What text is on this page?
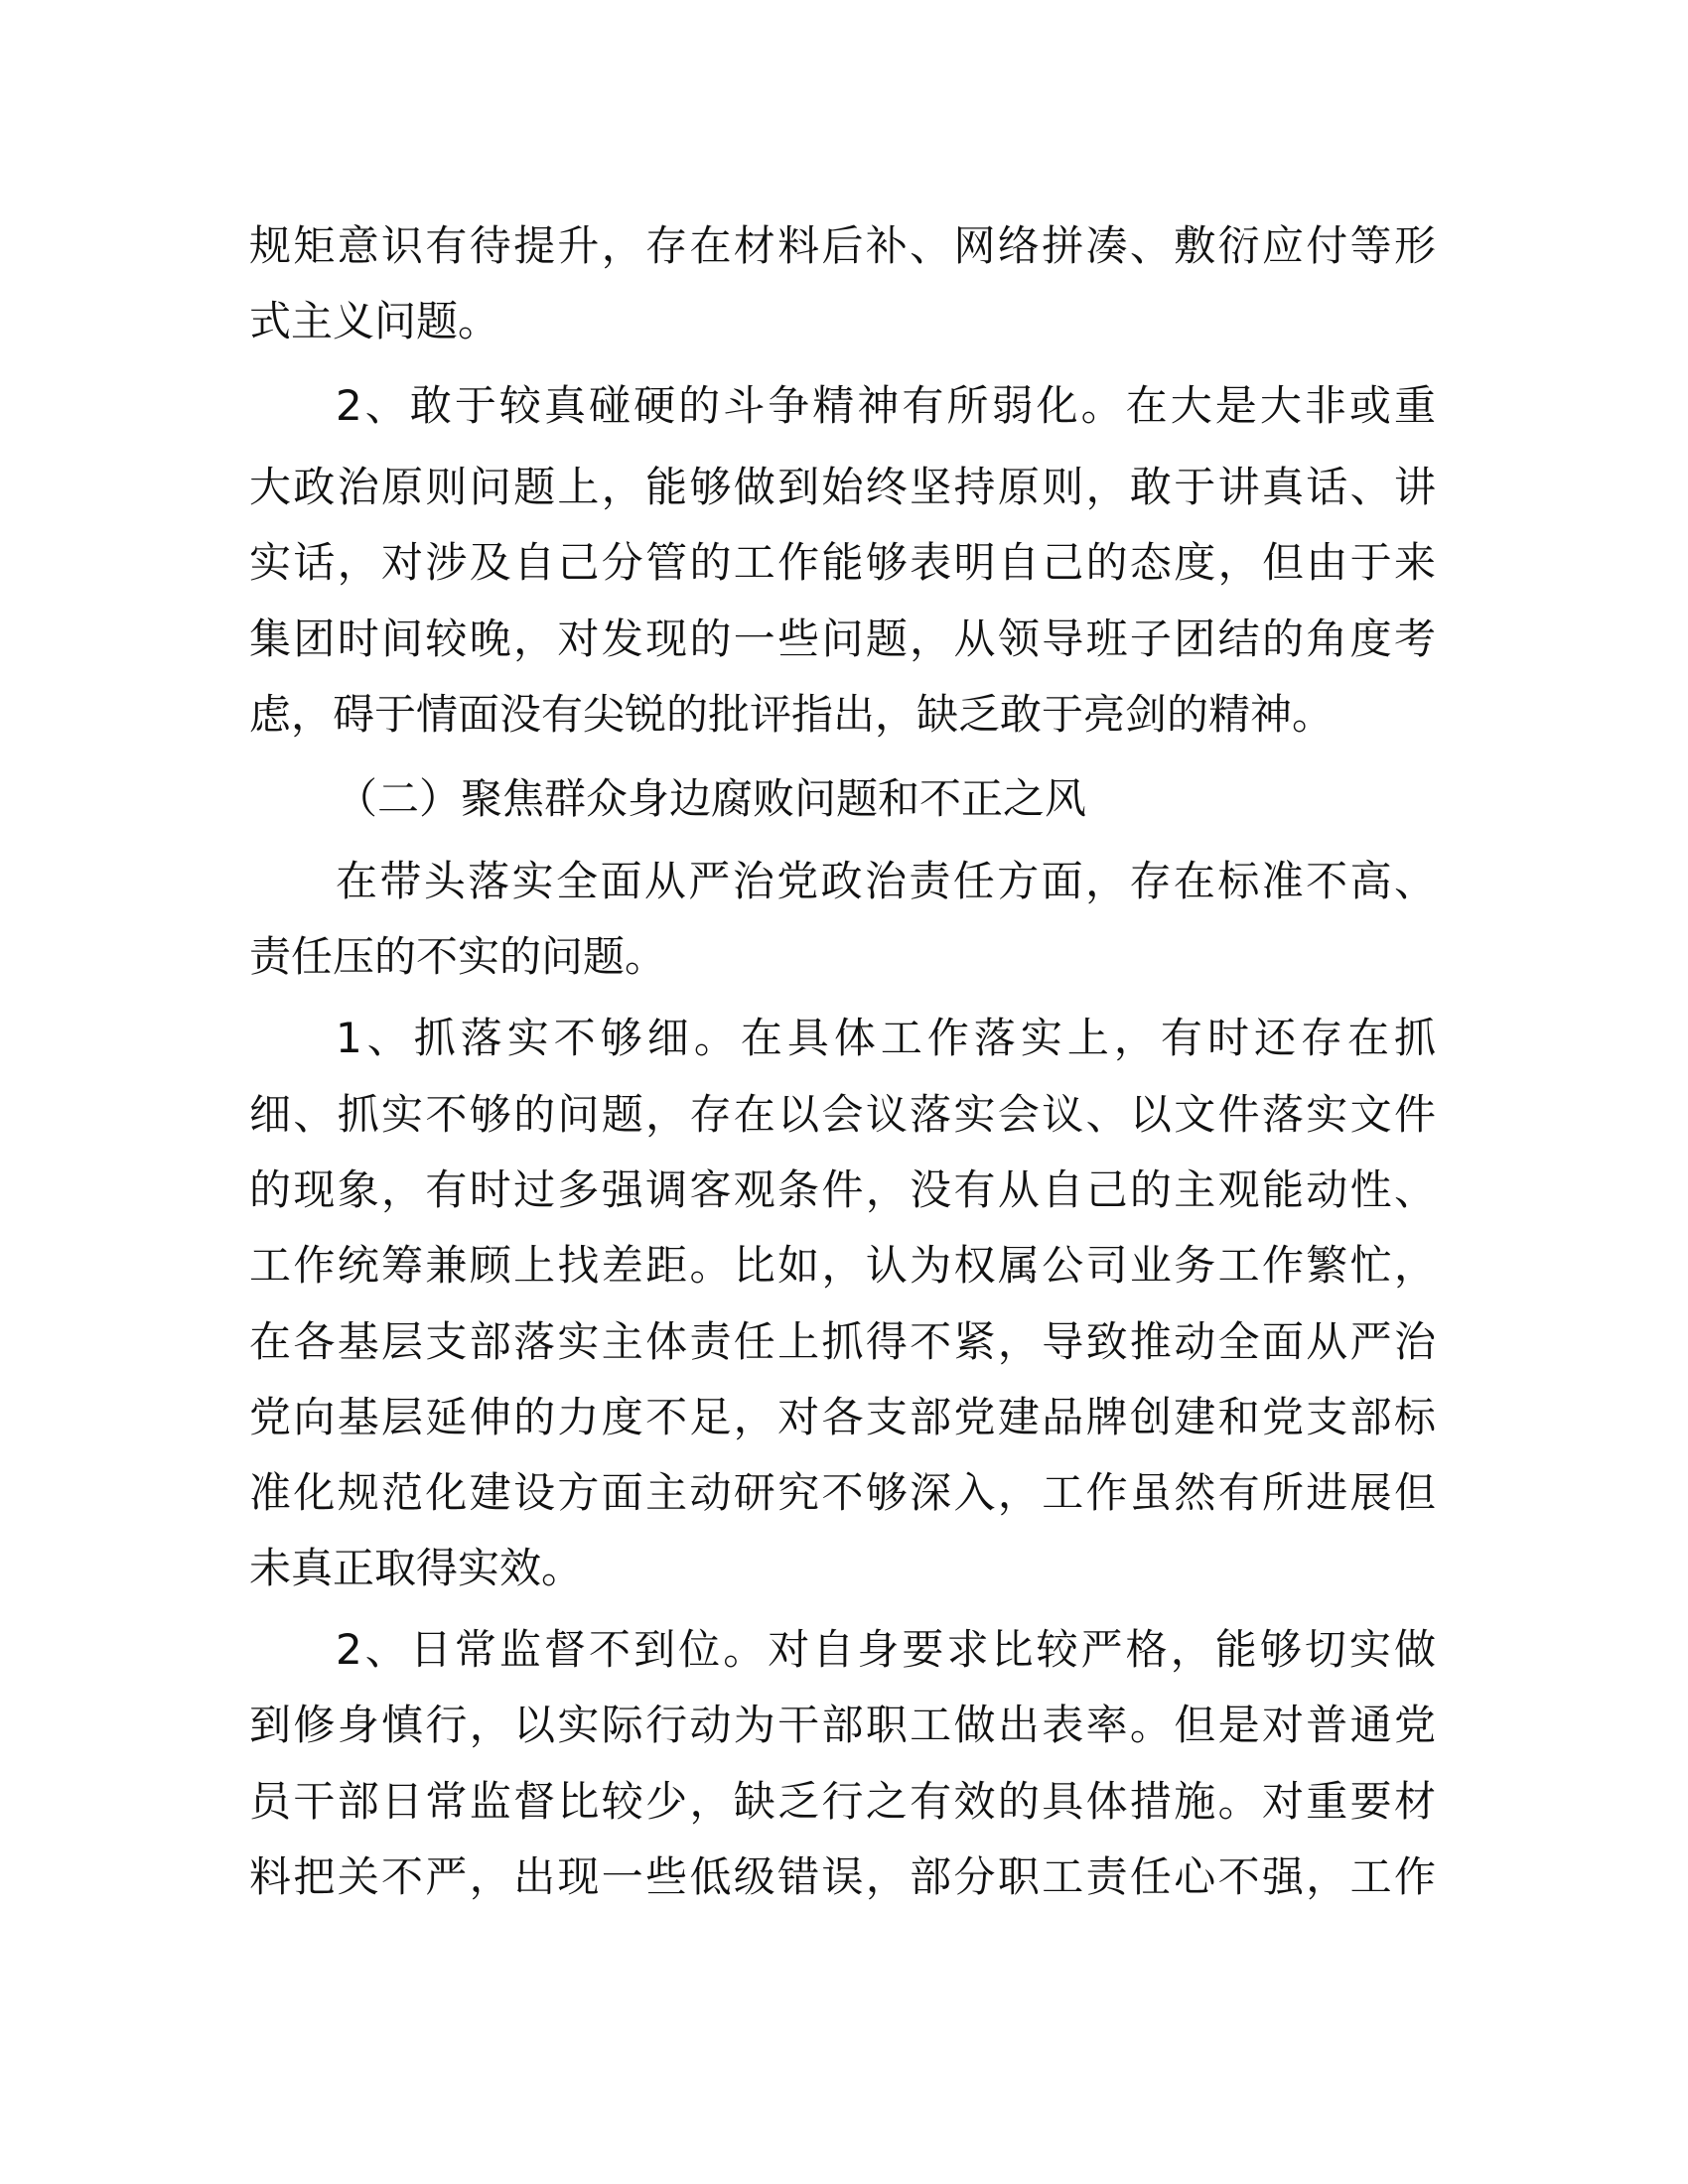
规矩意识有待提升，存在材料后补、网络拼凑、敷衍应付等形
式主义问题。
2、敢于较真碰硬的斗争精神有所弱化。在大是大非或重
大政治原则问题上，能够做到始终坚持原则，敢于讲真话、讲
实话，对涉及自己分管的工作能够表明自己的态度，但由于来
集团时间较晚，对发现的一些问题，从领导班子团结的角度考
虑，碍于情面没有尖锐的批评指出，缺乏敢于亮剑的精神。
（二）聚焦群众身边腐败问题和不正之风
在带头落实全面从严治党政治责任方面，存在标准不高、
责任压的不实的问题。
1、抓落实不够细。在具体工作落实上，有时还存在抓
细、抓实不够的问题，存在以会议落实会议、以文件落实文件
的现象，有时过多强调客观条件，没有从自己的主观能动性、
工作统筹兼顾上找差距。比如，认为权属公司业务工作繁忙，
在各基层支部落实主体责任上抓得不紧，导致推动全面从严治
党向基层延伸的力度不足，对各支部党建品牌创建和党支部标
准化规范化建设方面主动研究不够深入，工作虽然有所进展但
未真正取得实效。
2、日常监督不到位。对自身要求比较严格，能够切实做
到修身慎行，以实际行动为干部职工做出表率。但是对普通党
员干部日常监督比较少，缺乏行之有效的具体措施。对重要材
料把关不严，出现一些低级错误，部分职工责任心不强，工作
